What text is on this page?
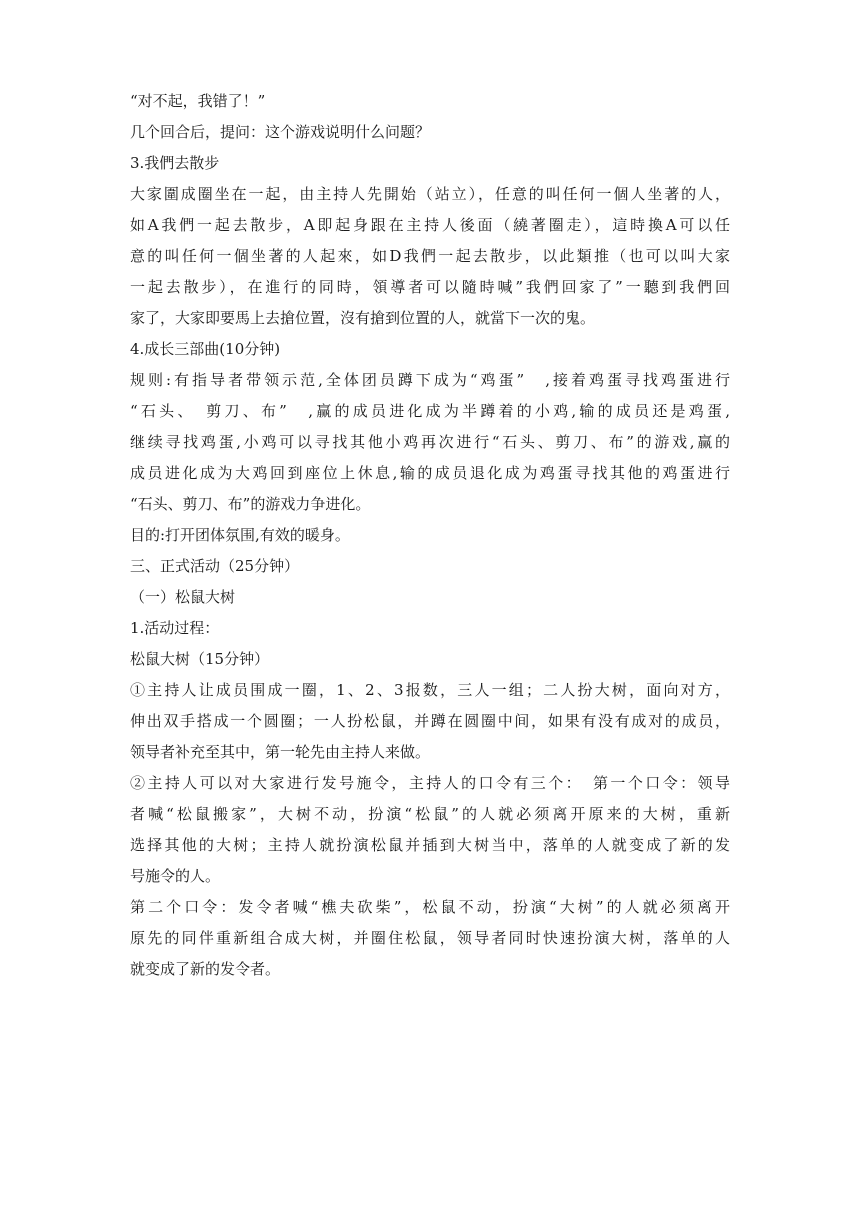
“对不起，我错了！”

几个回合后，提问：这个游戏说明什么问题？

3.我們去散步

大家圍成圈坐在一起，由主持人先開始（站立），任意的叫任何一個人坐著的人，

如A我們一起去散步，A即起身跟在主持人後面（繞著圈走），這時換A可以任

意的叫任何一個坐著的人起來，如D我們一起去散步，以此類推（也可以叫大家

一起去散步），在進行的同時，領導者可以隨時喊”我們回家了”一聽到我們回

家了，大家即要馬上去搶位置，沒有搶到位置的人，就當下一次的鬼。

4.成长三部曲(10分钟)

规则:有指导者带领示范,全体团员蹲下成为“鸡蛋”　,接着鸡蛋寻找鸡蛋进行

“石头、　剪刀、布”　,赢的成员进化成为半蹲着的小鸡,输的成员还是鸡蛋,

继续寻找鸡蛋,小鸡可以寻找其他小鸡再次进行“石头、剪刀、布”的游戏,赢的

成员进化成为大鸡回到座位上休息,输的成员退化成为鸡蛋寻找其他的鸡蛋进行

“石头、剪刀、布”的游戏力争进化。

目的:打开团体氛围,有效的暖身。

三、正式活动（25分钟）

（一）松鼠大树

1.活动过程：

松鼠大树（15分钟）

①主持人让成员围成一圈，1、2、3报数，三人一组；二人扮大树，面向对方，

伸出双手搭成一个圆圈；一人扮松鼠，并蹲在圆圈中间，如果有没有成对的成员，

领导者补充至其中，第一轮先由主持人来做。

②主持人可以对大家进行发号施令，主持人的口令有三个：　第一个口令：领导

者喊“松鼠搬家”，大树不动，扮演“松鼠”的人就必须离开原来的大树，重新

选择其他的大树；主持人就扮演松鼠并插到大树当中，落单的人就变成了新的发

号施令的人。

第二个口令：发令者喊“樵夫砍柴”，松鼠不动，扮演“大树”的人就必须离开

原先的同伴重新组合成大树，并圈住松鼠，领导者同时快速扮演大树，落单的人

就变成了新的发令者。
